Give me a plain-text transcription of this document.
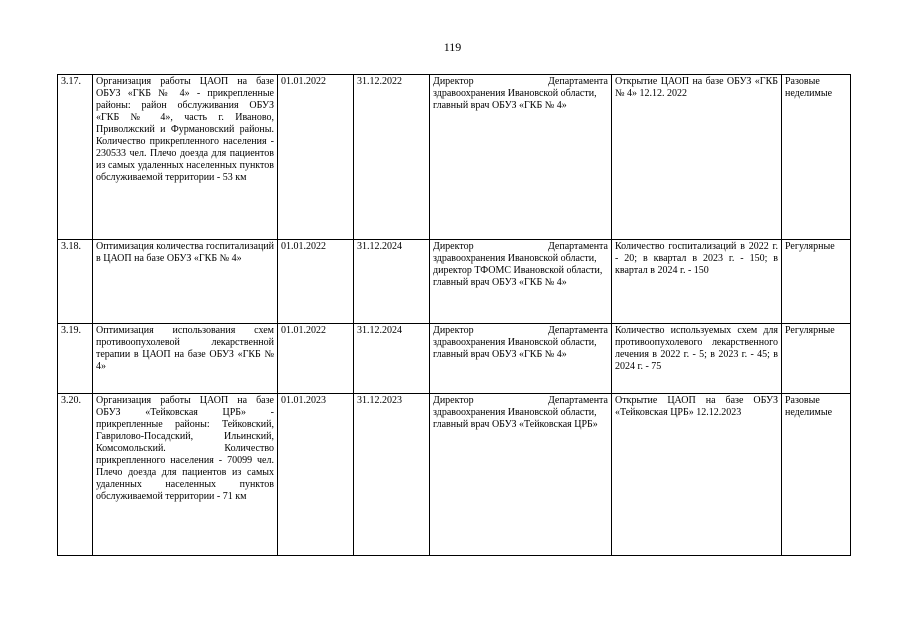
119
3.17.	Организация работы ЦАОП на базе ОБУЗ «ГКБ № 4» - прикрепленные районы: район обслуживания ОБУЗ «ГКБ № 4», часть г. Иваново, Приволжский и Фурмановский районы. Количество прикрепленного населения - 230533 чел. Плечо доезда для пациентов из самых удаленных населенных пунктов обслуживаемой территории - 53 км	01.01.2022	31.12.2022	Директор Департамента здравоохранения Ивановской области,
главный врач ОБУЗ «ГКБ № 4»	Открытие ЦАОП на базе ОБУЗ «ГКБ № 4» 12.12. 2022	Разовые неделимые
3.18.	Оптимизация количества госпитализаций в ЦАОП на базе ОБУЗ «ГКБ № 4»	01.01.2022	31.12.2024	Директор Департамента здравоохранения Ивановской области,
директор ТФОМС Ивановской области,
главный врач ОБУЗ «ГКБ № 4»	Количество госпитализаций в 2022 г. - 20; в квартал в 2023 г. - 150; в квартал в 2024 г. - 150	Регулярные
3.19.	Оптимизация использования схем противоопухолевой лекарственной терапии в ЦАОП на базе ОБУЗ «ГКБ № 4»	01.01.2022	31.12.2024	Директор Департамента здравоохранения Ивановской области,
главный врач ОБУЗ «ГКБ № 4»	Количество используемых схем для противоопухолевого лекарственного лечения в 2022 г. - 5; в 2023 г. - 45; в 2024 г. - 75	Регулярные
3.20.	Организация работы ЦАОП на базе ОБУЗ «Тейковская ЦРБ» - прикрепленные районы: Тейковский, Гаврилово-Посадский, Ильинский, Комсомольский. Количество прикрепленного населения - 70099 чел. Плечо доезда для пациентов из самых удаленных населенных пунктов обслуживаемой территории - 71 км	01.01.2023	31.12.2023	Директор Департамента здравоохранения Ивановской области,
главный врач ОБУЗ «Тейковская ЦРБ»	Открытие ЦАОП на базе ОБУЗ «Тейковская ЦРБ» 12.12.2023	Разовые неделимые
